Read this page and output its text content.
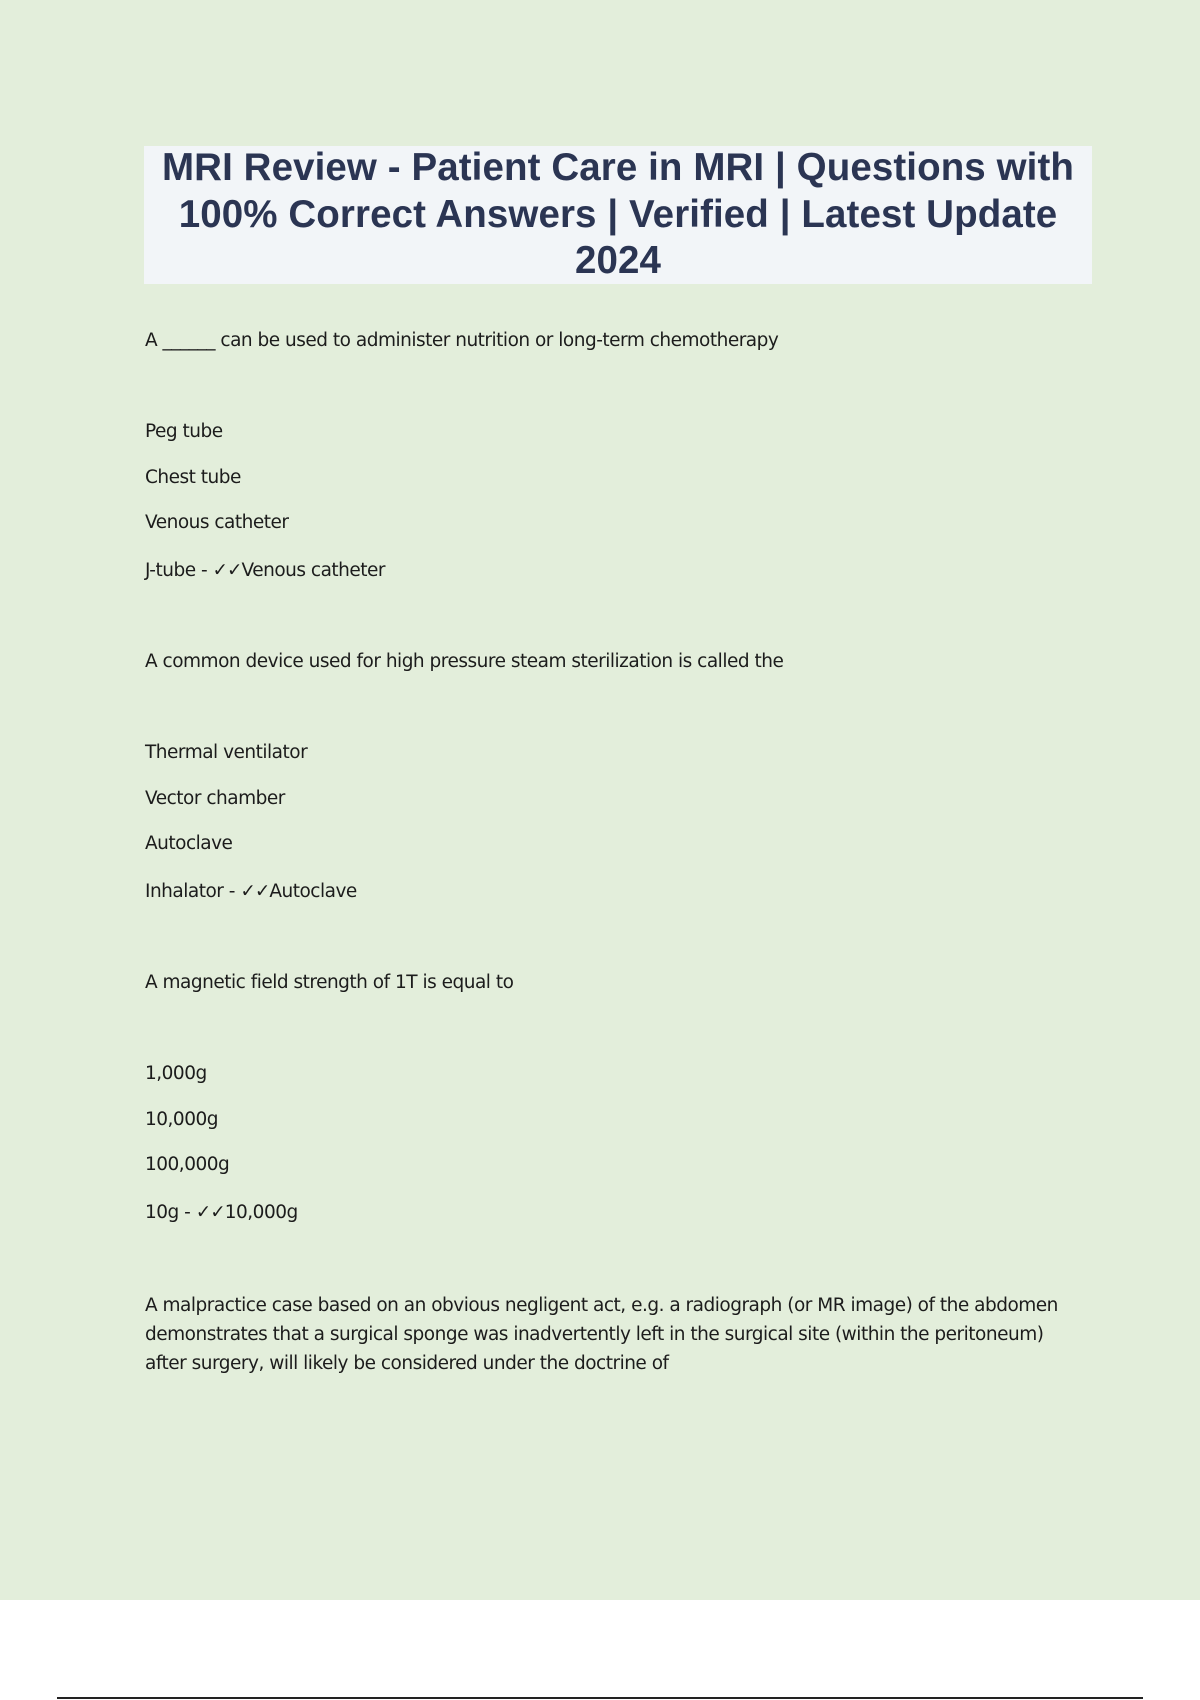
MRI Review - Patient Care in MRI | Questions with 100% Correct Answers | Verified | Latest Update 2024
A ______ can be used to administer nutrition or long-term chemotherapy
Peg tube
Chest tube
Venous catheter
J-tube - ✓✓Venous catheter
A common device used for high pressure steam sterilization is called the
Thermal ventilator
Vector chamber
Autoclave
Inhalator - ✓✓Autoclave
A magnetic field strength of 1T is equal to
1,000g
10,000g
100,000g
10g - ✓✓10,000g
A malpractice case based on an obvious negligent act, e.g. a radiograph (or MR image) of the abdomen demonstrates that a surgical sponge was inadvertently left in the surgical site (within the peritoneum) after surgery, will likely be considered under the doctrine of
